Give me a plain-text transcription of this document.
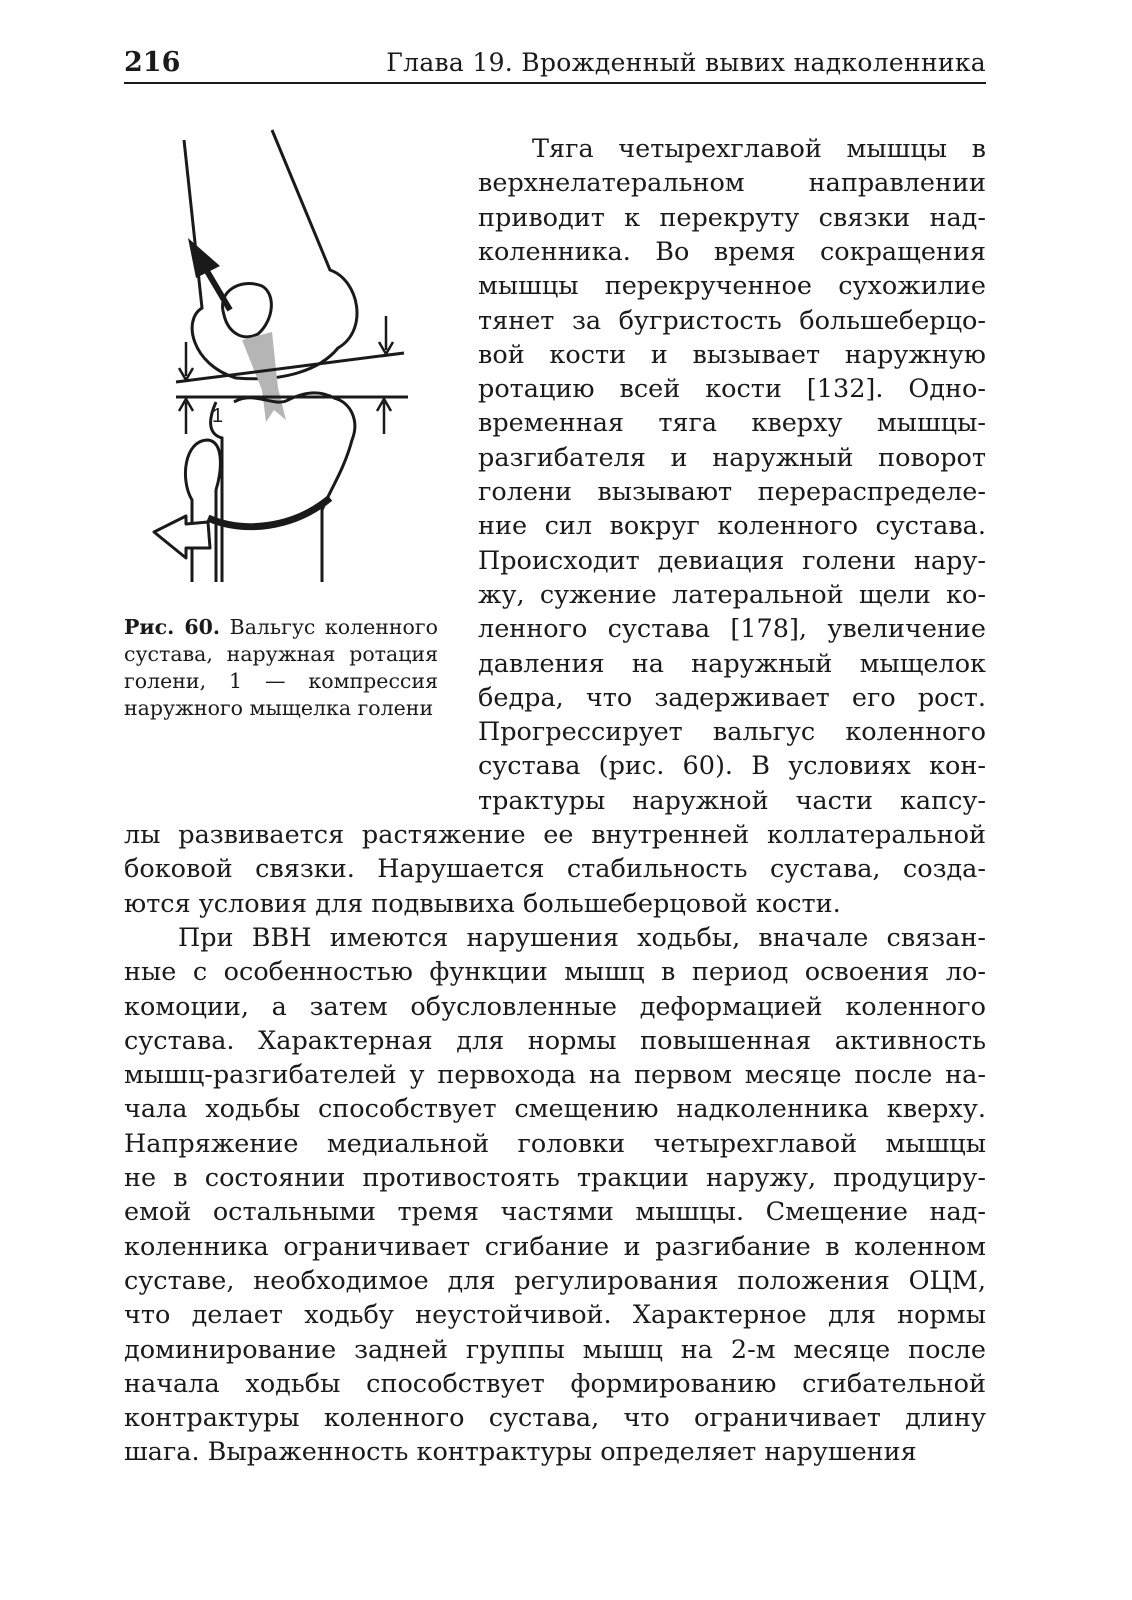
216	Глава 19. Врожденный вывих надколенника
1
Рис. 60. Вальгус коленного сустава, наружная ротация голени, 1 — компрессия наружного мыщелка голени
Тяга четырехглавой мышцы в
верхнелатеральном направлении
приводит к перекруту связки над-
коленника. Во время сокращения
мышцы перекрученное сухожилие
тянет за бугристость большеберцо-
вой кости и вызывает наружную
ротацию всей кости [132]. Одно-
временная тяга кверху мышцы-
разгибателя и наружный поворот
голени вызывают перераспределе-
ние сил вокруг коленного сустава.
Происходит девиация голени нару-
жу, сужение латеральной щели ко-
ленного сустава [178], увеличение
давления на наружный мыщелок
бедра, что задерживает его рост.
Прогрессирует вальгус коленного
сустава (рис. 60). В условиях кон-
трактуры наружной части капсу-
лы развивается растяжение ее внутренней коллатеральной
боковой связки. Нарушается стабильность сустава, созда-
ются условия для подвывиха большеберцовой кости.
При ВВН имеются нарушения ходьбы, вначале связан-
ные с особенностью функции мышц в период освоения ло-
комоции, а затем обусловленные деформацией коленного
сустава. Характерная для нормы повышенная активность
мышц-разгибателей у первохода на первом месяце после на-
чала ходьбы способствует смещению надколенника кверху.
Напряжение медиальной головки четырехглавой мышцы
не в состоянии противостоять тракции наружу, продуциру-
емой остальными тремя частями мышцы. Смещение над-
коленника ограничивает сгибание и разгибание в коленном
суставе, необходимое для регулирования положения ОЦМ,
что делает ходьбу неустойчивой. Характерное для нормы
доминирование задней группы мышц на 2-м месяце после
начала ходьбы способствует формированию сгибательной
контрактуры коленного сустава, что ограничивает длину
шага. Выраженность контрактуры определяет нарушения
